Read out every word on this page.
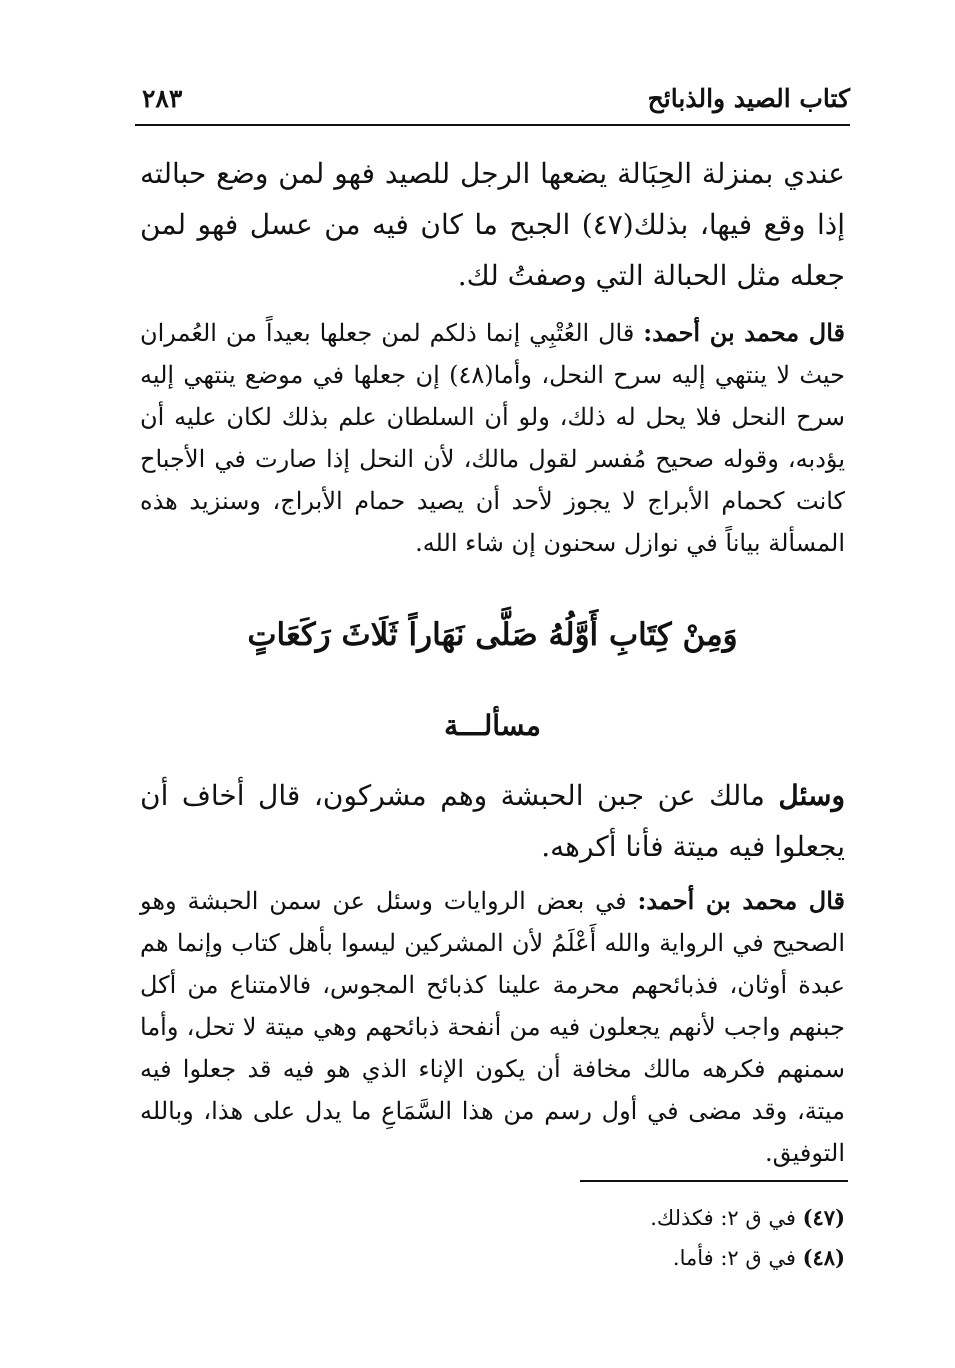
كتاب الصيد والذبائح
٢٨٣
عندي بمنزلة الحِبَالة يضعها الرجل للصيد فهو لمن وضع حبالته إذا وقع فيها، بذلك(٤٧) الجبح ما كان فيه من عسل فهو لمن جعله مثل الحبالة التي وصفتُ لك.
قال محمد بن أحمد: قال العُتْبِي إنما ذلكم لمن جعلها بعيداً من العُمران حيث لا ينتهي إليه سرح النحل، وأما(٤٨) إن جعلها في موضع ينتهي إليه سرح النحل فلا يحل له ذلك، ولو أن السلطان علم بذلك لكان عليه أن يؤدبه، وقوله صحيح مُفسر لقول مالك، لأن النحل إذا صارت في الأجباح كانت كحمام الأبراج لا يجوز لأحد أن يصيد حمام الأبراج، وسنزيد هذه المسألة بياناً في نوازل سحنون إن شاء الله.
وَمِنْ كِتَابِ أَوَّلُهُ صَلَّى نَهَاراً ثَلَاثَ رَكَعَاتٍ
مسألـــة
وسئل مالك عن جبن الحبشة وهم مشركون، قال أخاف أن يجعلوا فيه ميتة فأنا أكرهه.
قال محمد بن أحمد: في بعض الروايات وسئل عن سمن الحبشة وهو الصحيح في الرواية والله أَعْلَمُ لأن المشركين ليسوا بأهل كتاب وإنما هم عبدة أوثان، فذبائحهم محرمة علينا كذبائح المجوس، فالامتناع من أكل جبنهم واجب لأنهم يجعلون فيه من أنفحة ذبائحهم وهي ميتة لا تحل، وأما سمنهم فكرهه مالك مخافة أن يكون الإناء الذي هو فيه قد جعلوا فيه ميتة، وقد مضى في أول رسم من هذا السَّمَاعِ ما يدل على هذا، وبالله التوفيق.
(٤٧) في ق ٢: فكذلك.
(٤٨) في ق ٢: فأما.
